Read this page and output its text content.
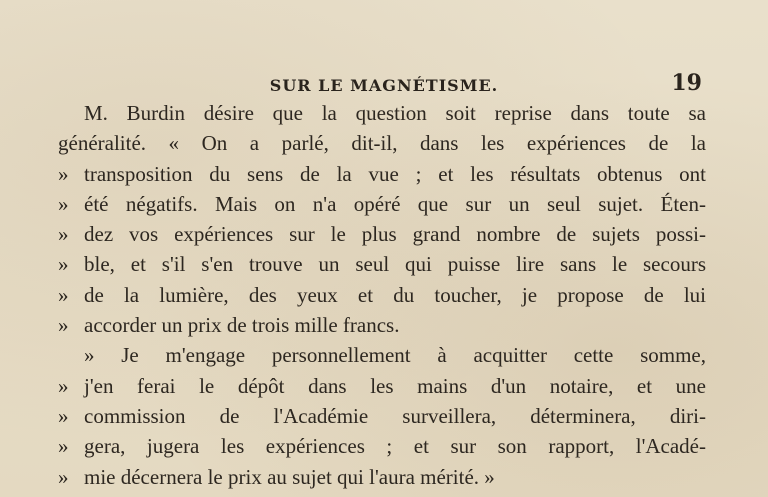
SUR LE MAGNÉTISME.	19
M. Burdin désire que la question soit reprise dans toute sa
généralité. « On a parlé, dit-il, dans les expériences de la
» transposition du sens de la vue ; et les résultats obtenus ont
» été négatifs. Mais on n'a opéré que sur un seul sujet. Éten-
» dez vos expériences sur le plus grand nombre de sujets possi-
» ble, et s'il s'en trouve un seul qui puisse lire sans le secours
» de la lumière, des yeux et du toucher, je propose de lui
» accorder un prix de trois mille francs.
» Je m'engage personnellement à acquitter cette somme,
» j'en ferai le dépôt dans les mains d'un notaire, et une
» commission de l'Académie surveillera, déterminera, diri-
» gera, jugera les expériences ; et sur son rapport, l'Acadé-
» mie décernera le prix au sujet qui l'aura mérité. »
